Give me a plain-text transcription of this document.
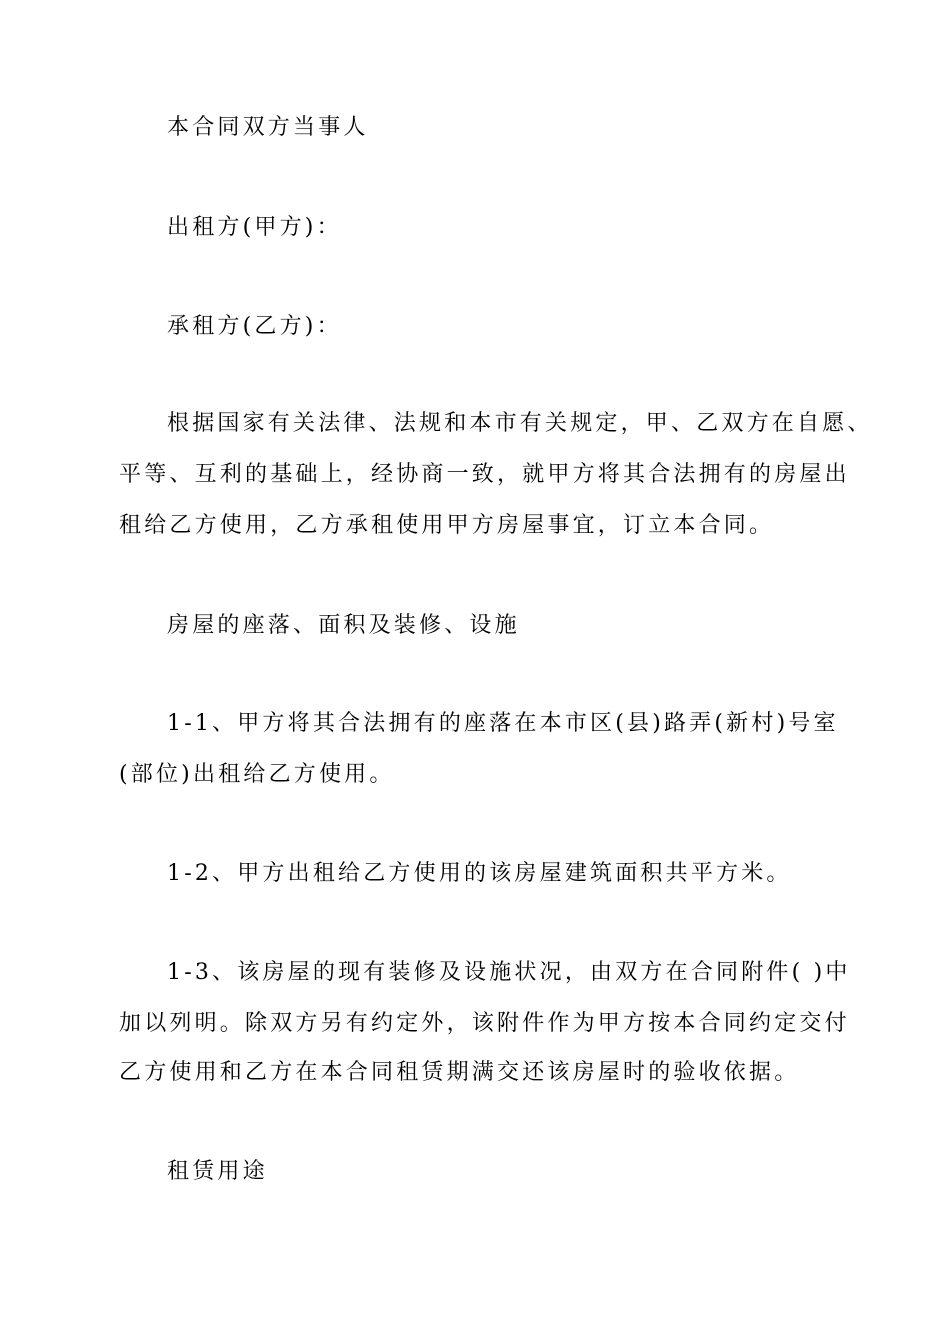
本合同双方当事人
出租方(甲方)：
承租方(乙方)：
根据国家有关法律、法规和本市有关规定，甲、乙双方在自愿、
平等、互利的基础上，经协商一致，就甲方将其合法拥有的房屋出
租给乙方使用，乙方承租使用甲方房屋事宜，订立本合同。
房屋的座落、面积及装修、设施
1-1、甲方将其合法拥有的座落在本市区(县)路弄(新村)号室
(部位)出租给乙方使用。
1-2、甲方出租给乙方使用的该房屋建筑面积共平方米。
1-3、该房屋的现有装修及设施状况，由双方在合同附件( )中
加以列明。除双方另有约定外，该附件作为甲方按本合同约定交付
乙方使用和乙方在本合同租赁期满交还该房屋时的验收依据。
租赁用途
